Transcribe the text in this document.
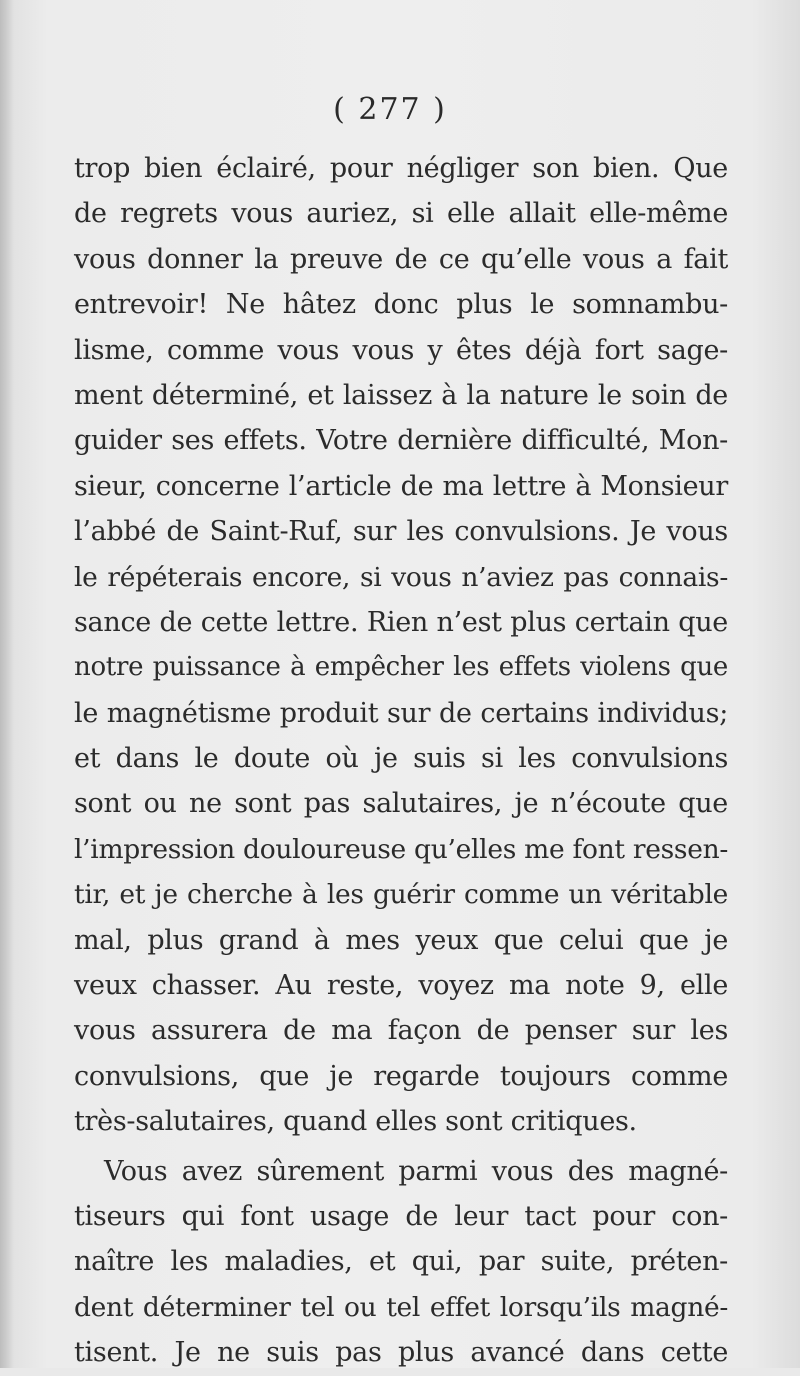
( 277 )
trop bien éclairé, pour négliger son bien. Que
de regrets vous auriez, si elle allait elle-même
vous donner la preuve de ce qu’elle vous a fait
entrevoir! Ne hâtez donc plus le somnambu-
lisme, comme vous vous y êtes déjà fort sage-
ment déterminé, et laissez à la nature le soin de
guider ses effets. Votre dernière difficulté, Mon-
sieur, concerne l’article de ma lettre à Monsieur
l’abbé de Saint-Ruf, sur les convulsions. Je vous
le répéterais encore, si vous n’aviez pas connais-
sance de cette lettre. Rien n’est plus certain que
notre puissance à empêcher les effets violens que
le magnétisme produit sur de certains individus;
et dans le doute où je suis si les convulsions
sont ou ne sont pas salutaires, je n’écoute que
l’impression douloureuse qu’elles me font ressen-
tir, et je cherche à les guérir comme un véritable
mal, plus grand à mes yeux que celui que je
veux chasser. Au reste, voyez ma note 9, elle
vous assurera de ma façon de penser sur les
convulsions, que je regarde toujours comme
très-salutaires, quand elles sont critiques.
Vous avez sûrement parmi vous des magné-
tiseurs qui font usage de leur tact pour con-
naître les maladies, et qui, par suite, préten-
dent déterminer tel ou tel effet lorsqu’ils magné-
tisent. Je ne suis pas plus avancé dans cette
